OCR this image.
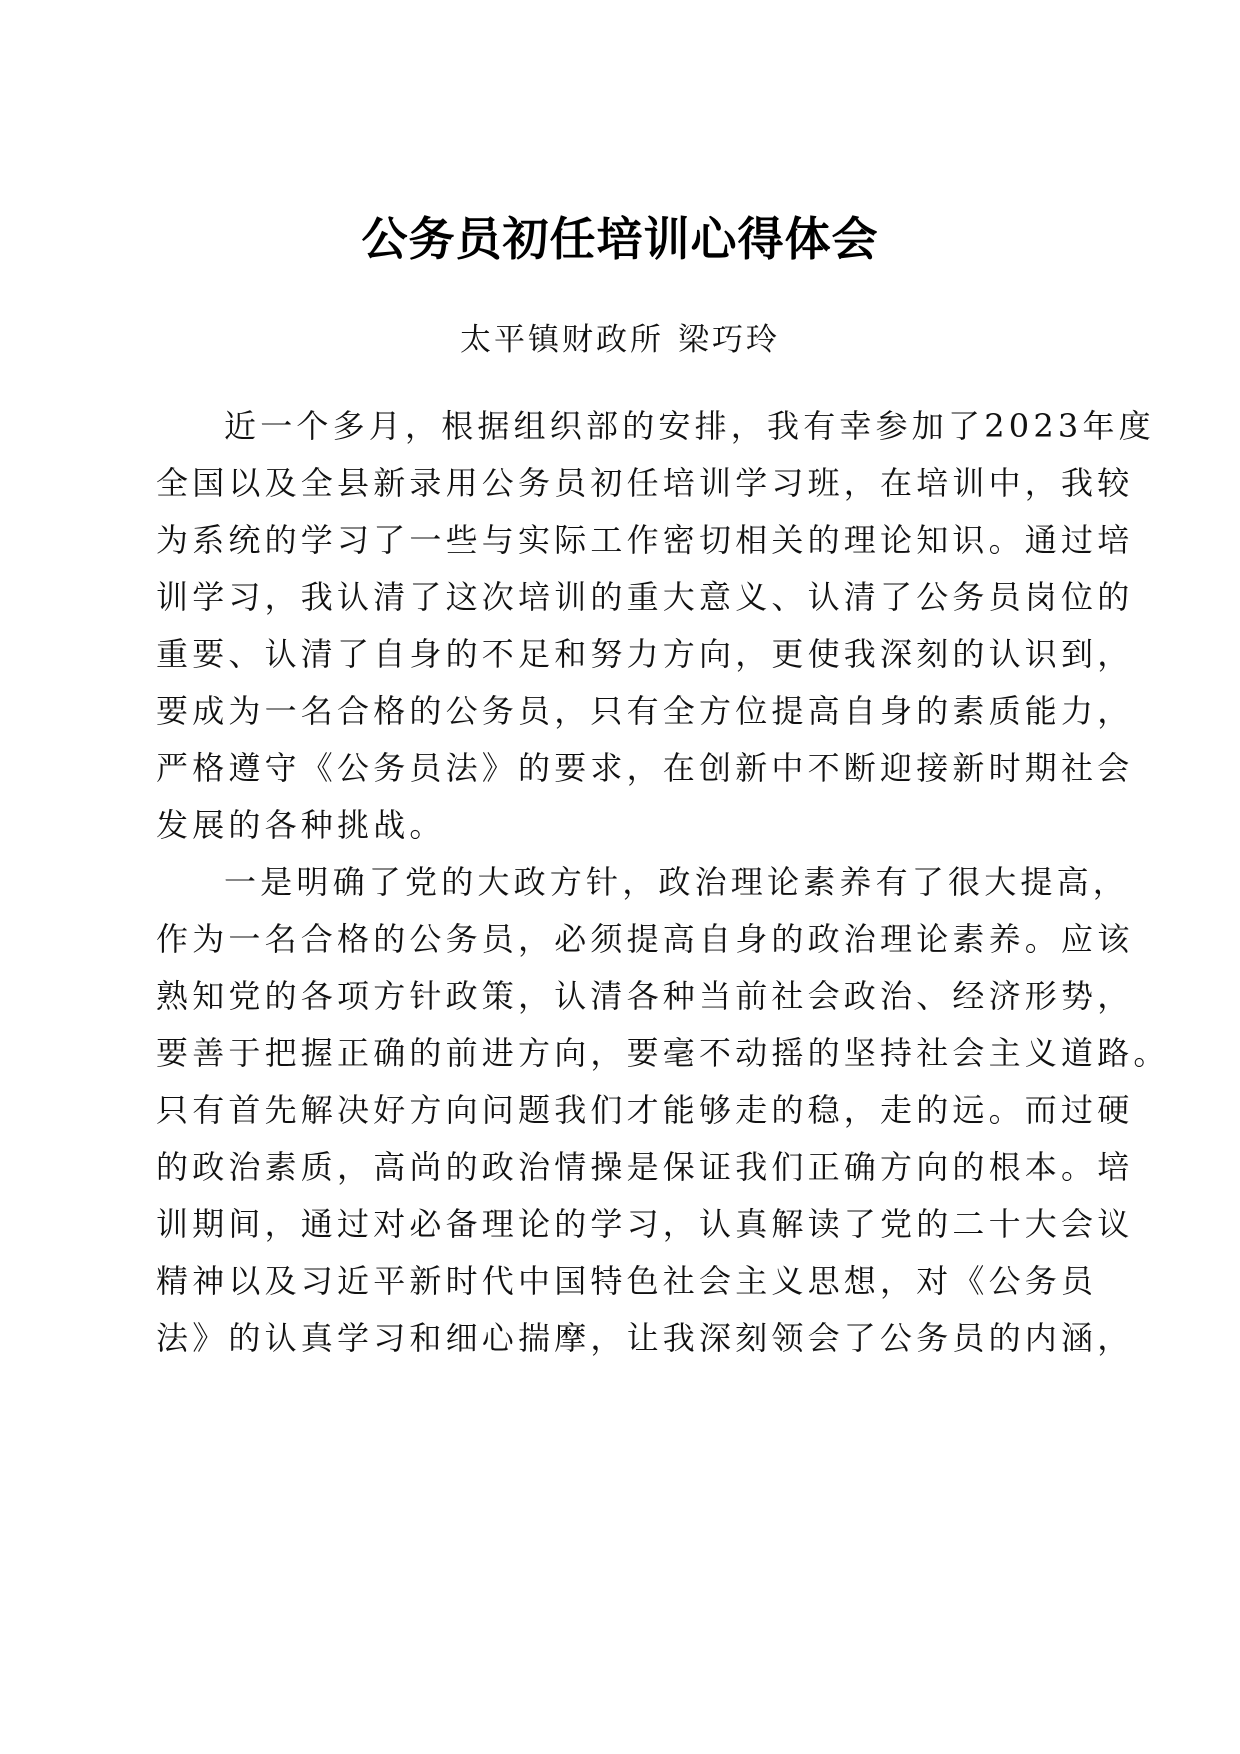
公务员初任培训心得体会
太平镇财政所 梁巧玲
近一个多月，根据组织部的安排，我有幸参加了2023年度
全国以及全县新录用公务员初任培训学习班，在培训中，我较
为系统的学习了一些与实际工作密切相关的理论知识。通过培
训学习，我认清了这次培训的重大意义、认清了公务员岗位的
重要、认清了自身的不足和努力方向，更使我深刻的认识到，
要成为一名合格的公务员，只有全方位提高自身的素质能力，
严格遵守《公务员法》的要求，在创新中不断迎接新时期社会
发展的各种挑战。
一是明确了党的大政方针，政治理论素养有了很大提高，
作为一名合格的公务员，必须提高自身的政治理论素养。应该
熟知党的各项方针政策，认清各种当前社会政治、经济形势，
要善于把握正确的前进方向，要毫不动摇的坚持社会主义道路。
只有首先解决好方向问题我们才能够走的稳，走的远。而过硬
的政治素质，高尚的政治情操是保证我们正确方向的根本。培
训期间，通过对必备理论的学习，认真解读了党的二十大会议
精神以及习近平新时代中国特色社会主义思想，对《公务员
法》的认真学习和细心揣摩，让我深刻领会了公务员的内涵，
